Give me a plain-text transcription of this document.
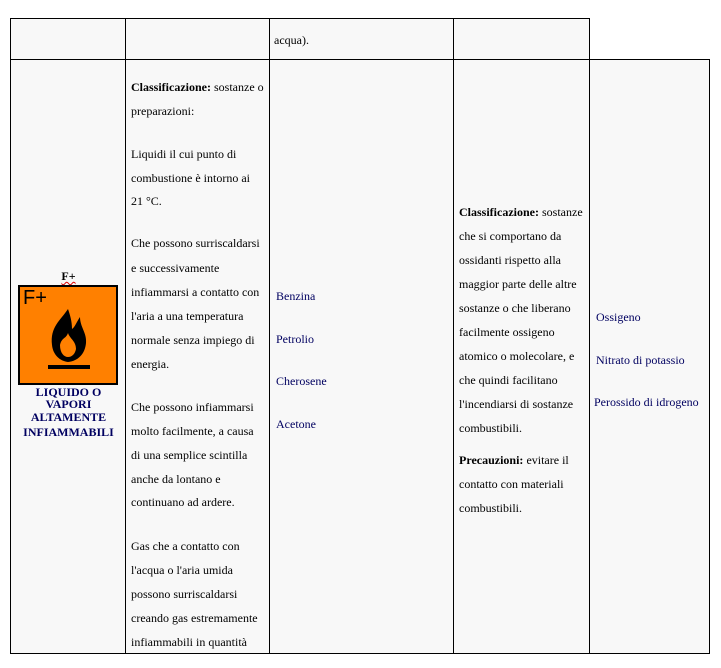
acqua).
F+
F+
LIQUIDO O
VAPORI
ALTAMENTE
INFIAMMABILI
Classificazione: sostanze o
preparazioni:
Liquidi il cui punto di
combustione è intorno ai
21 °C.
Che possono surriscaldarsi
e successivamente
infiammarsi a contatto con
l'aria a una temperatura
normale senza impiego di
energia.
Che possono infiammarsi
molto facilmente, a causa
di una semplice scintilla
anche da lontano e
continuano ad ardere.
Gas che a contatto con
l'acqua o l'aria umida
possono surriscaldarsi
creando gas estremamente
infiammabili in quantità
Benzina
Petrolio
Cherosene
Acetone
Classificazione: sostanze
che si comportano da
ossidanti rispetto alla
maggior parte delle altre
sostanze o che liberano
facilmente ossigeno
atomico o molecolare, e
che quindi facilitano
l'incendiarsi di sostanze
combustibili.
Precauzioni: evitare il
contatto con materiali
combustibili.
Ossigeno
Nitrato di potassio
Perossido di idrogeno
